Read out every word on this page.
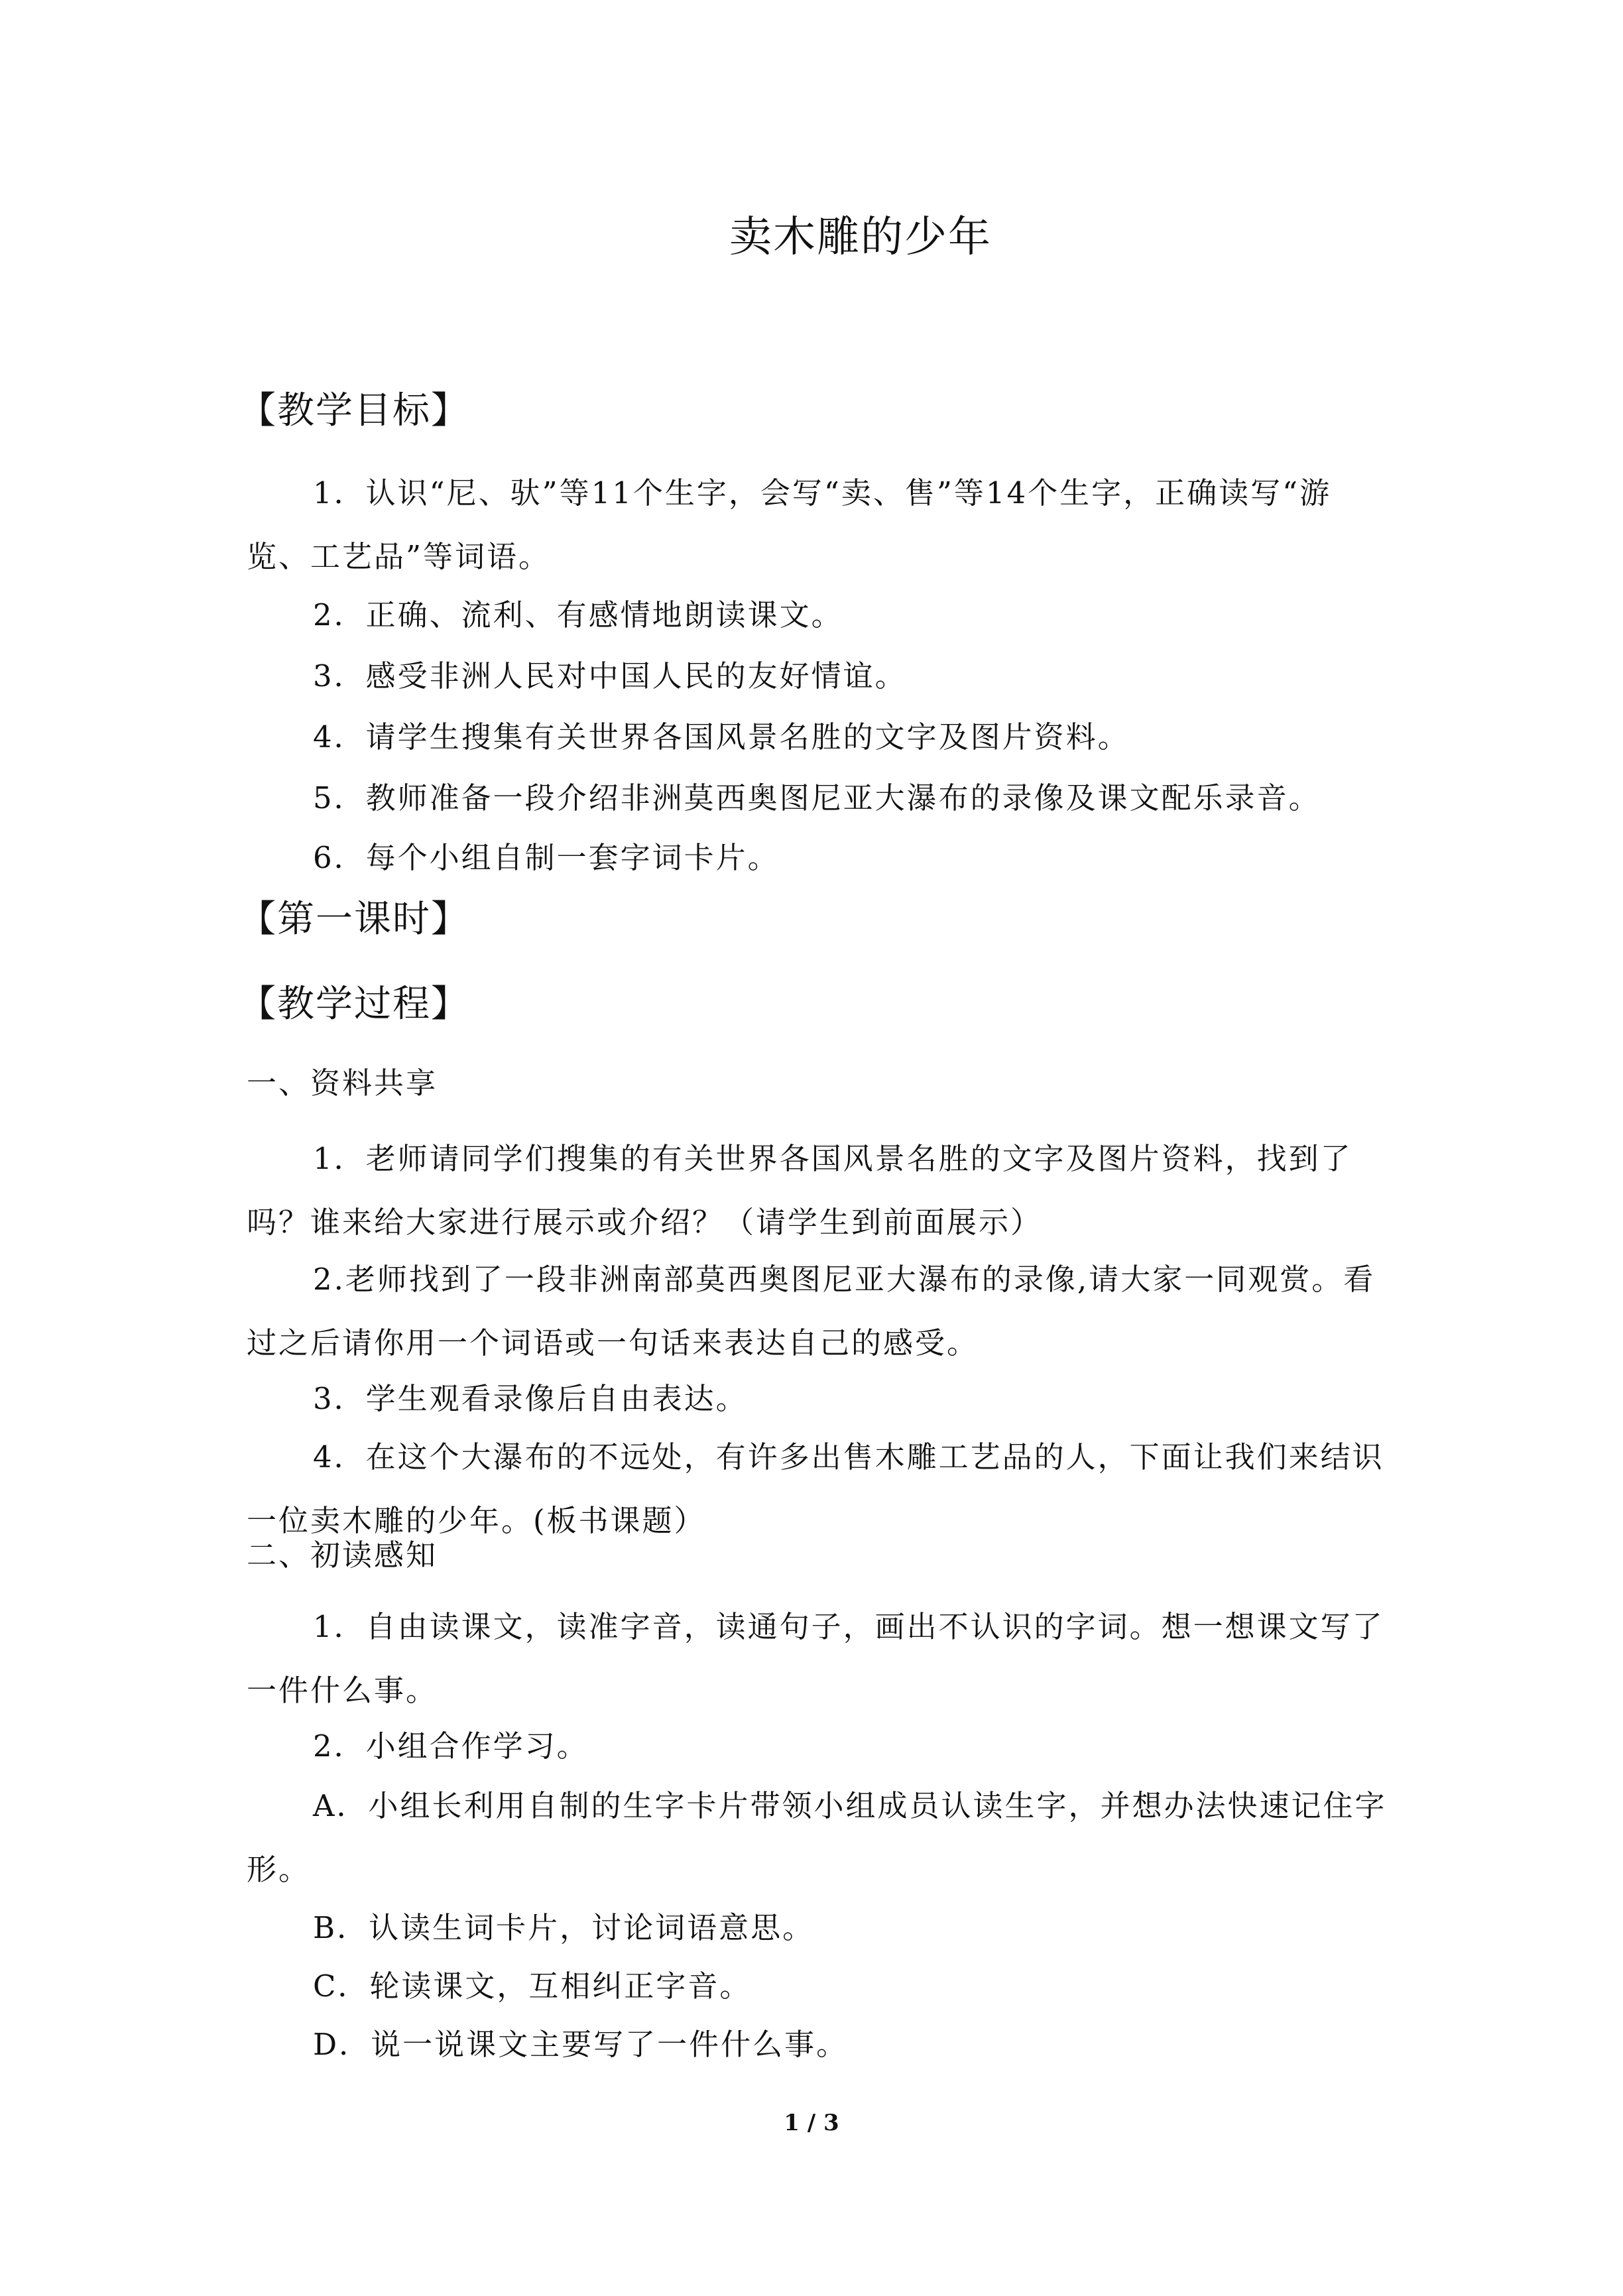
卖木雕的少年
【教学目标】

1．认识“尼、驮”等11个生字，会写“卖、售”等14个生字，正确读写“游览、工艺品”等词语。

2．正确、流利、有感情地朗读课文。

3．感受非洲人民对中国人民的友好情谊。

4．请学生搜集有关世界各国风景名胜的文字及图片资料。

5．教师准备一段介绍非洲莫西奥图尼亚大瀑布的录像及课文配乐录音。

6．每个小组自制一套字词卡片。

【第一课时】
【教学过程】
一、资料共享

1．老师请同学们搜集的有关世界各国风景名胜的文字及图片资料，找到了吗？谁来给大家进行展示或介绍？（请学生到前面展示）

2.老师找到了一段非洲南部莫西奥图尼亚大瀑布的录像,请大家一同观赏。看过之后请你用一个词语或一句话来表达自己的感受。

3．学生观看录像后自由表达。

4．在这个大瀑布的不远处，有许多出售木雕工艺品的人，下面让我们来结识一位卖木雕的少年。(板书课题）

二、初读感知

1．自由读课文，读准字音，读通句子，画出不认识的字词。想一想课文写了一件什么事。

2．小组合作学习。

A．小组长利用自制的生字卡片带领小组成员认读生字，并想办法快速记住字形。

B．认读生词卡片，讨论词语意思。

C．轮读课文，互相纠正字音。

D．说一说课文主要写了一件什么事。

1 / 3
